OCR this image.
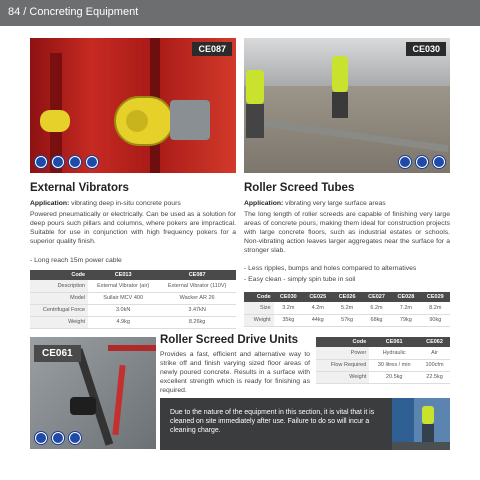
84 / Concreting Equipment
CE087	CE030
External Vibrators
Application: vibrating deep in-situ concrete pours
Powered pneumatically or electrically. Can be used as a solution for deep pours such pillars and columns, where pokers are impractical. Suitable for use in conjunction with high frequency pokers for a superior quality finish.
- Long reach 15m power cable
Code	CE013	CE087
Description	External Vibrator (air)	External Vibrator (110V)
Model	Sullair MCV 400	Wacker AR 26
Centrifugal Force	3.0kN	3.47kN
Weight	4.9kg	8.26kg
Roller Screed Tubes
Application: vibrating very large surface areas
The long length of roller screeds are capable of finishing very large areas of concrete pours, making them ideal for construction projects with large concrete floors, such as industrial estates or schools. Non-vibrating action leaves larger aggregates near the surface for a stronger slab.
- Less ripples, bumps and holes compared to alternatives
- Easy clean - simply spin tube in soil
Code	CE030	CE025	CE026	CE027	CE028	CE029
Size	3.2m	4.2m	5.2m	6.2m	7.2m	8.2m
Weight	35kg	44kg	57kg	68kg	79kg	90kg
CE061
Roller Screed Drive Units
Provides a fast, efficient and alternative way to strike off and finish varying sized floor areas of newly poured concrete. Results in a surface with excellent strength which is ready for finishing as required.
Code	CE061	CE062
Power	Hydraulic	Air
Flow Required	30 litres / min	100cfm
Weight	20.5kg	22.5kg
Due to the nature of the equipment in this section, it is vital that it is cleaned on site immediately after use. Failure to do so will incur a cleaning charge.
